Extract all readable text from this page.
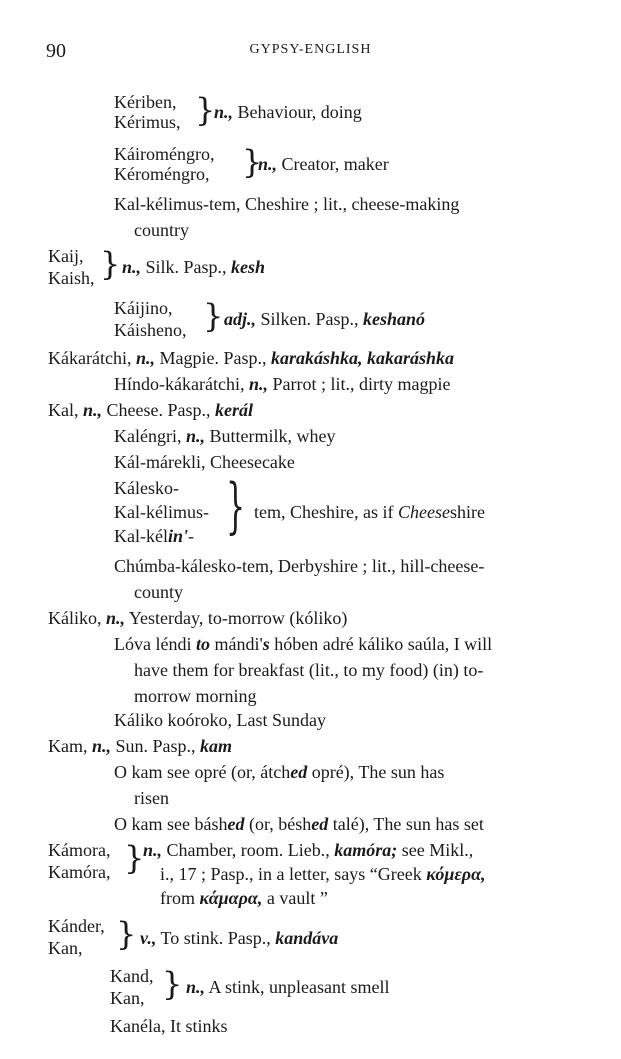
90	GYPSY-ENGLISH
Kériben,
Kérimus, }
n., Behaviour, doing
Káiroméngro,
Kéroméngro, }
n., Creator, maker
Kal-kélimus-tem, Cheshire ; lit., cheese-making
country
Kaij,
Kaish, } n., Silk. Pasp., kesh
Káijino,
Káisheno, } adj., Silken. Pasp., keshanó
Kákarátchi, n., Magpie. Pasp., karakáshka, kakaráshka
Híndo-kákarátchi, n., Parrot ; lit., dirty magpie
Kal, n., Cheese. Pasp., kerál
Kaléngri, n., Buttermilk, whey
Kál-márekli, Cheesecake
Kálesko-
Kal-kélimus-
Kal-kélin'- } tem, Cheshire, as if Cheeseshire
Chúmba-kálesko-tem, Derbyshire ; lit., hill-cheese-
county
Káliko, n., Yesterday, to-morrow (kóliko)
Lóva léndi to mándi's hóben adré káliko saúla, I will
have them for breakfast (lit., to my food) (in) to-
morrow morning
Káliko koóroko, Last Sunday
Kam, n., Sun. Pasp., kam
O kam see opré (or, átched opré), The sun has
risen
O kam see báshed (or, béshed talé), The sun has set
Kámora,
Kamóra, }
n., Chamber, room. Lieb., kamóra; see Mikl.,
i., 17 ; Pasp., in a letter, says “Greek κόμερα,
from κάμαρα, a vault ”
Kánder,
Kan, } v., To stink. Pasp., kandáva
Kand,
Kan, } n., A stink, unpleasant smell
Kanéla, It stinks
